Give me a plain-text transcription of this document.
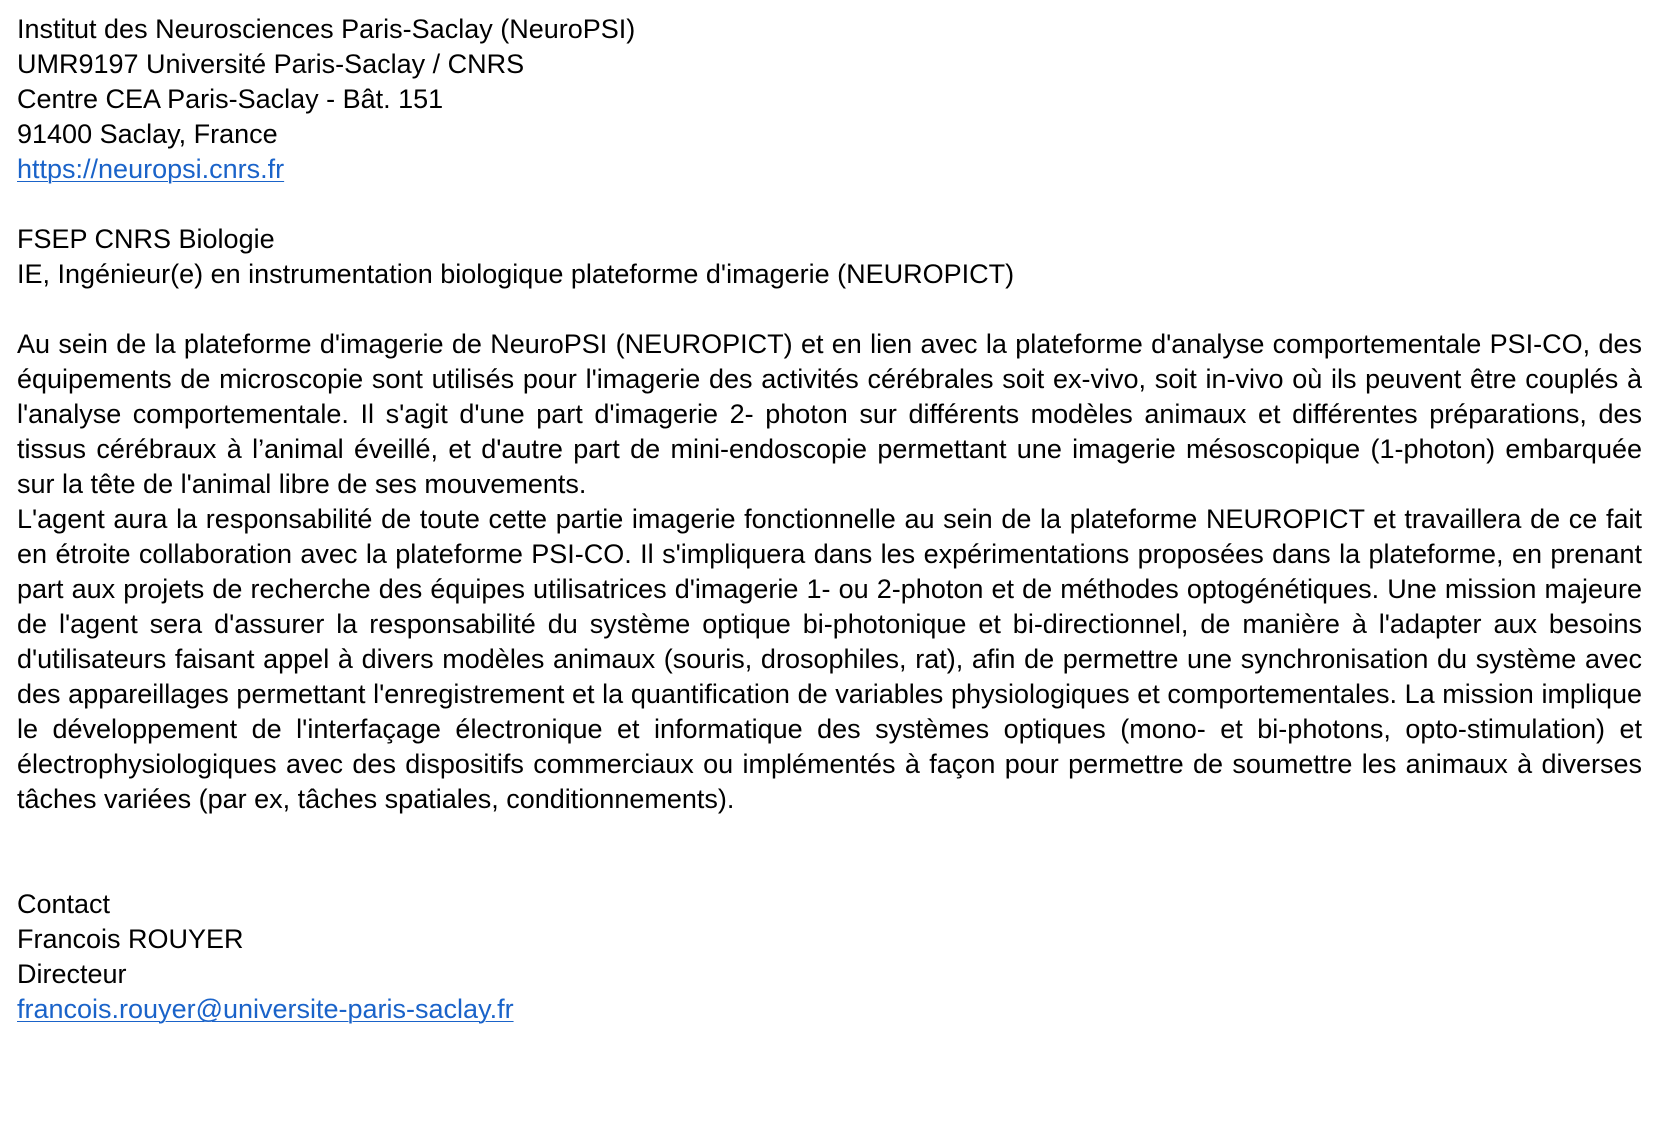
Institut des Neurosciences Paris-Saclay (NeuroPSI)
UMR9197 Université Paris-Saclay / CNRS
Centre CEA Paris-Saclay - Bât. 151
91400 Saclay, France
https://neuropsi.cnrs.fr
FSEP CNRS Biologie
IE, Ingénieur(e) en instrumentation biologique plateforme d'imagerie (NEUROPICT)

Au sein de la plateforme d'imagerie de NeuroPSI (NEUROPICT) et en lien avec la plateforme d'analyse comportementale PSI-CO, des équipements de microscopie sont utilisés pour l'imagerie des activités cérébrales soit ex-vivo, soit in-vivo où ils peuvent être couplés à l'analyse comportementale. Il s'agit d'une part d'imagerie 2- photon sur différents modèles animaux et différentes préparations, des tissus cérébraux à l’animal éveillé, et d'autre part de mini-endoscopie permettant une imagerie mésoscopique (1-photon) embarquée sur la tête de l'animal libre de ses mouvements.

L'agent aura la responsabilité de toute cette partie imagerie fonctionnelle au sein de la plateforme NEUROPICT et travaillera de ce fait en étroite collaboration avec la plateforme PSI-CO. Il s'impliquera dans les expérimentations proposées dans la plateforme, en prenant part aux projets de recherche des équipes utilisatrices d'imagerie 1- ou 2-photon et de méthodes optogénétiques. Une mission majeure de l'agent sera d'assurer la responsabilité du système optique bi-photonique et bi-directionnel, de manière à l'adapter aux besoins d'utilisateurs faisant appel à divers modèles animaux (souris, drosophiles, rat), afin de permettre une synchronisation du système avec des appareillages permettant l'enregistrement et la quantification de variables physiologiques et comportementales. La mission implique le développement de l'interfaçage électronique et informatique des systèmes optiques (mono- et bi-photons, opto-stimulation) et électrophysiologiques avec des dispositifs commerciaux ou implémentés à façon pour permettre de soumettre les animaux à diverses tâches variées (par ex, tâches spatiales, conditionnements).

Contact
Francois ROUYER
Directeur
francois.rouyer@universite-paris-saclay.fr
